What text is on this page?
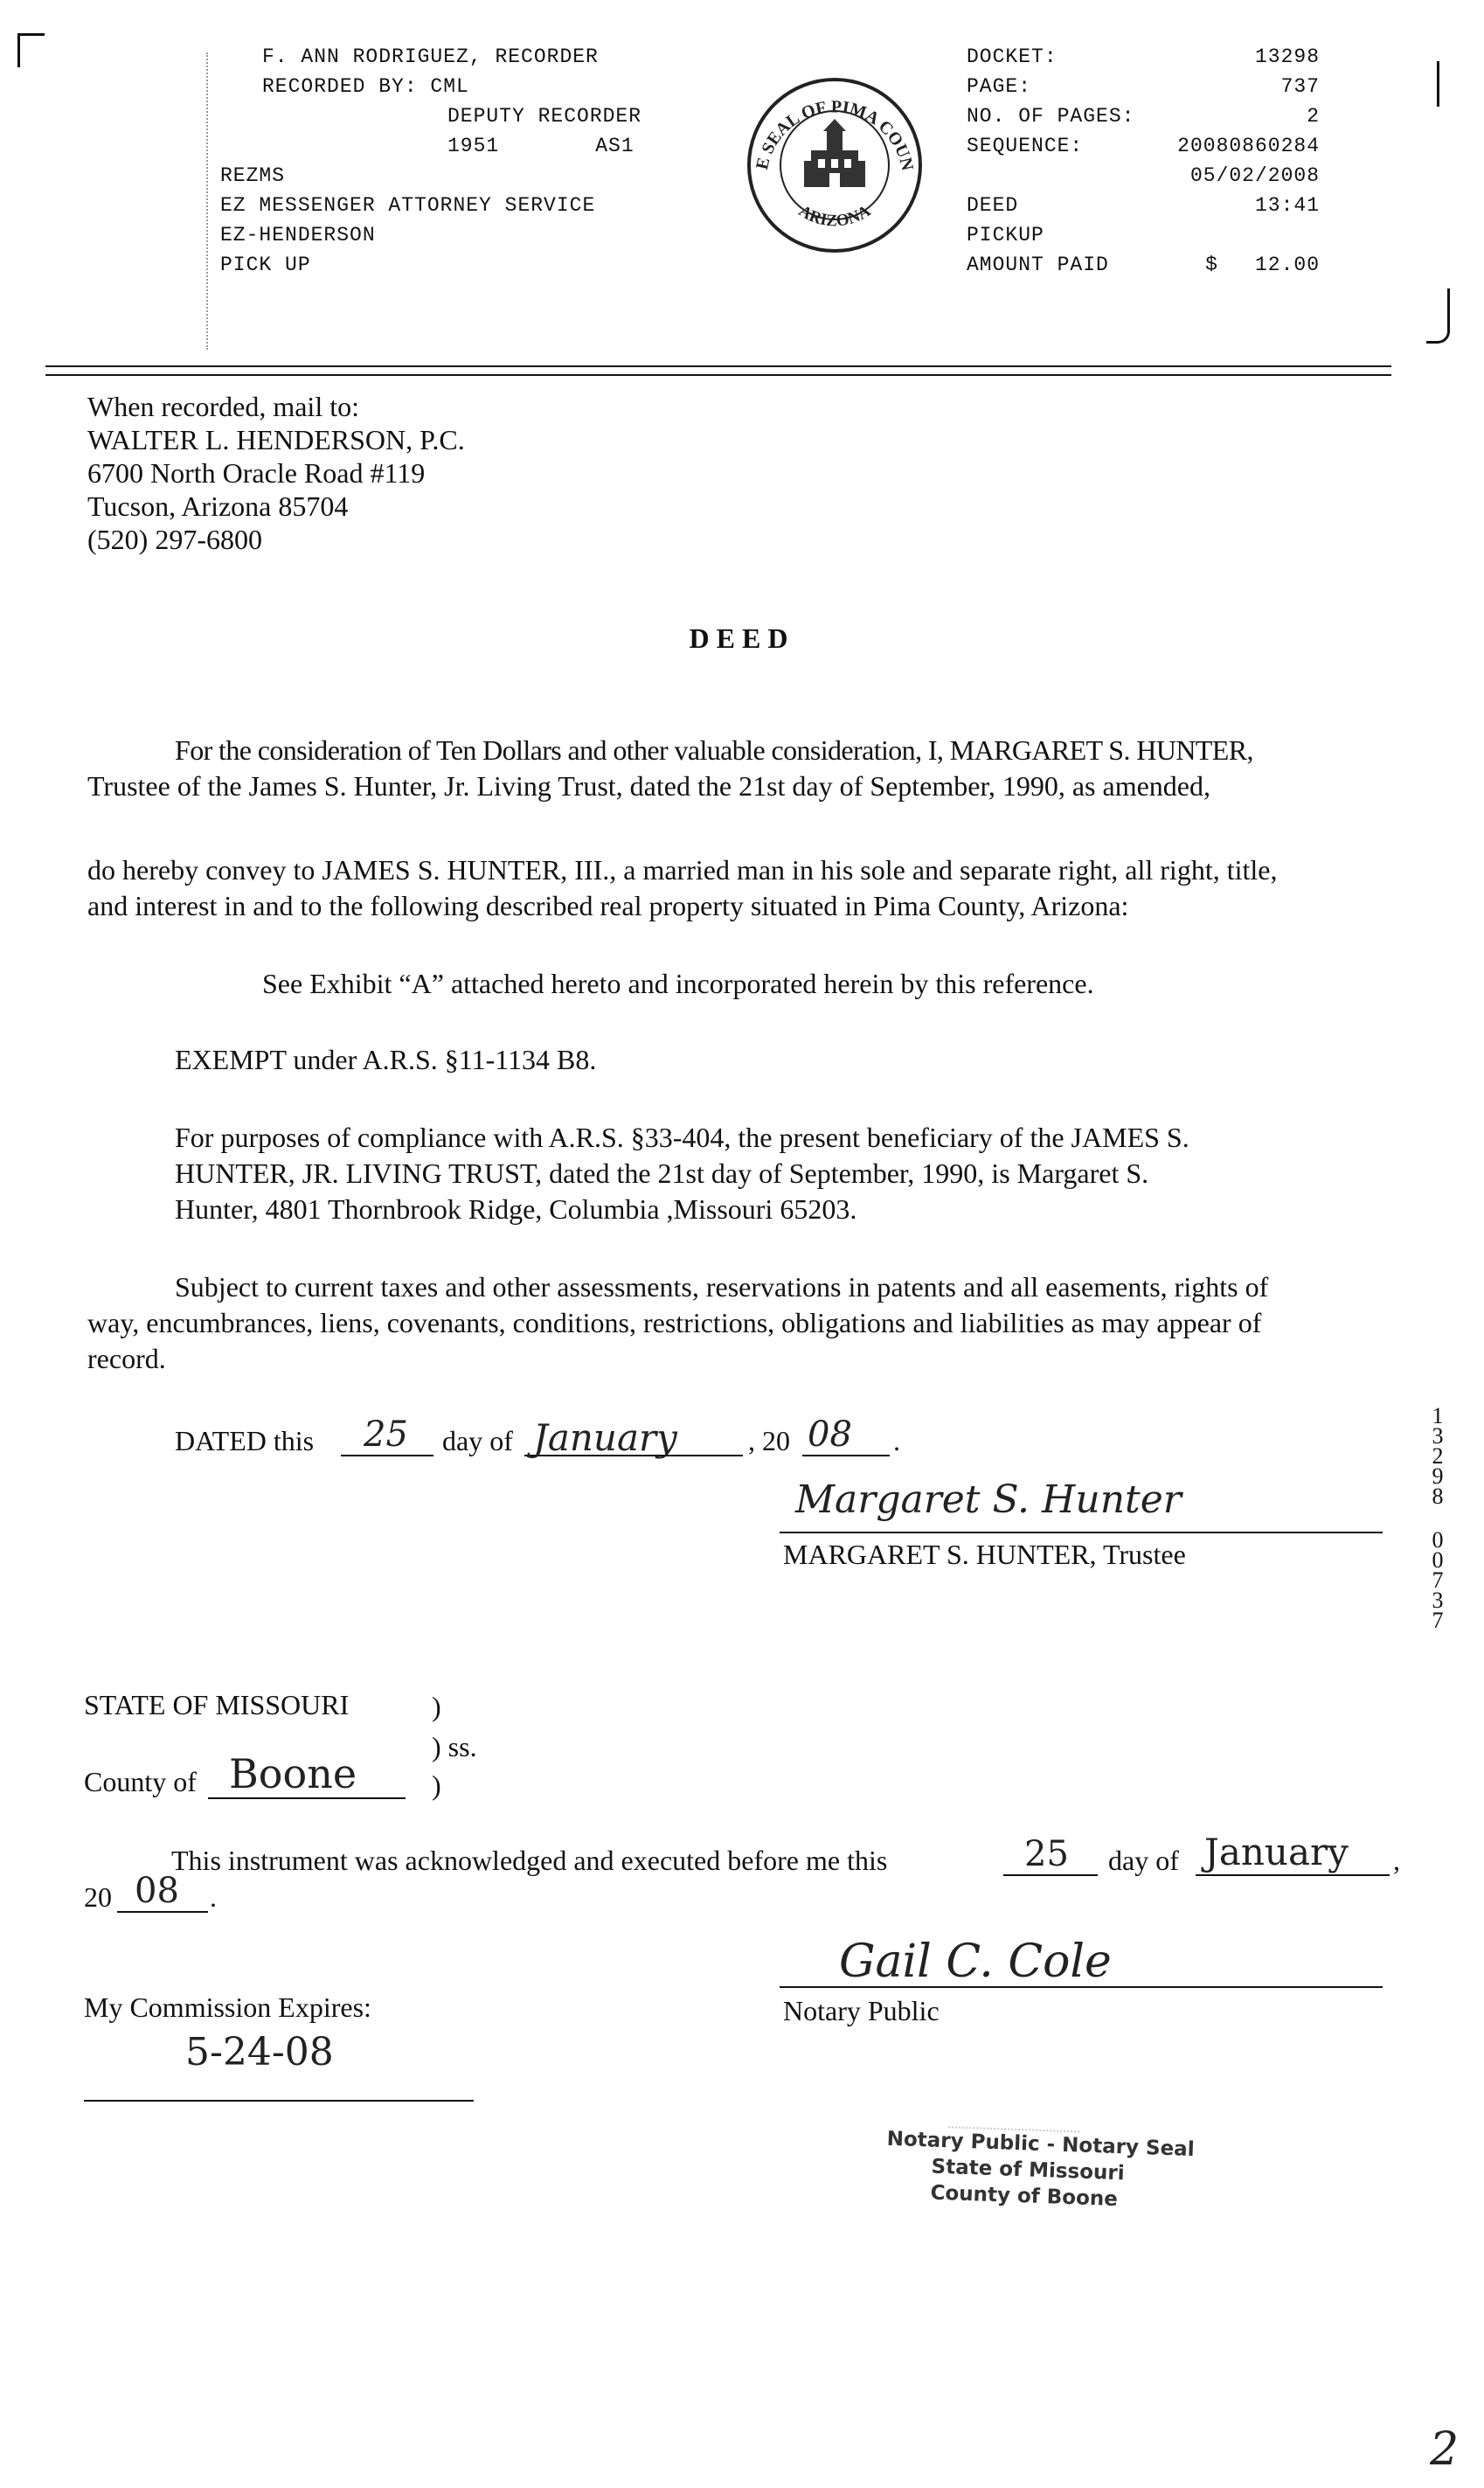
F. ANN RODRIGUEZ, RECORDER
RECORDED BY: CML
DEPUTY RECORDER
1951	AS1
REZMS
EZ MESSENGER ATTORNEY SERVICE
EZ-HENDERSON
PICK UP
E SEAL OF PIMA COUN
ARIZONA
DOCKET:	13298
PAGE:	737
NO. OF PAGES:	2
SEQUENCE:	20080860284
05/02/2008
DEED	13:41
PICKUP
AMOUNT PAID	$ 12.00
When recorded, mail to:
WALTER L. HENDERSON, P.C.
6700 North Oracle Road #119
Tucson, Arizona 85704
(520) 297-6800
DEED
For the consideration of Ten Dollars and other valuable consideration, I, MARGARET S. HUNTER,
Trustee of the James S. Hunter, Jr. Living Trust, dated the 21st day of September, 1990, as amended,
do hereby convey to JAMES S. HUNTER, III., a married man in his sole and separate right, all right, title,
and interest in and to the following described real property situated in Pima County, Arizona:
See Exhibit “A” attached hereto and incorporated herein by this reference.
EXEMPT under A.R.S. §11-1134 B8.
For purposes of compliance with A.R.S. §33-404, the present beneficiary of the JAMES S.
HUNTER, JR. LIVING TRUST, dated the 21st day of September, 1990, is Margaret S.
Hunter, 4801 Thornbrook Ridge, Columbia ,Missouri 65203.
Subject to current taxes and other assessments, reservations in patents and all easements, rights of
way, encumbrances, liens, covenants, conditions, restrictions, obligations and liabilities as may appear of
record.
DATED this	25 day of January	, 20 08 .
Margaret S. Hunter
MARGARET S. HUNTER, Trustee
13298
00737
STATE OF MISSOURI	)
) ss.
County of Boone	)
This instrument was acknowledged and executed before me this	25 day of January ,
20 08 .
My Commission Expires:
5-24-08
Gail C. Cole
Notary Public
Notary Public - Notary Seal
State of Missouri
County of Boone
2
